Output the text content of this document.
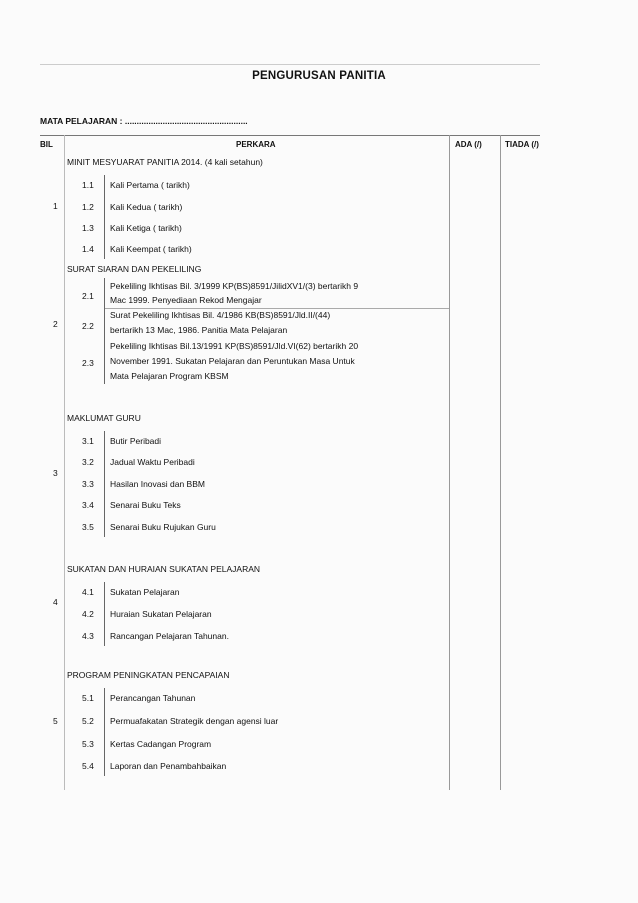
PENGURUSAN PANITIA
MATA PELAJARAN : ....................................................
BIL	PERKARA	ADA (/)	TIADA (/)
MINIT MESYUARAT PANITIA 2014. (4 kali setahun)
1
1.1 Kali Pertama ( tarikh)
1.2 Kali Kedua ( tarikh)
1.3 Kali Ketiga ( tarikh)
1.4 Kali Keempat ( tarikh)
SURAT SIARAN DAN PEKELILING
2
2.1
Pekeliling Ikhtisas Bil. 3/1999 KP(BS)8591/JilidXV1/(3) bertarikh 9
Mac 1999. Penyediaan Rekod Mengajar
2.2
Surat Pekeliling Ikhtisas Bil. 4/1986 KB(BS)8591/Jld.II/(44)
bertarikh 13 Mac, 1986. Panitia Mata Pelajaran
2.3
Pekeliling Ikhtisas Bil.13/1991 KP(BS)8591/Jld.VI(62) bertarikh 20
November 1991. Sukatan Pelajaran dan Peruntukan Masa Untuk
Mata Pelajaran Program KBSM
MAKLUMAT GURU
3
3.1 Butir Peribadi
3.2 Jadual Waktu Peribadi
3.3 Hasilan Inovasi dan BBM
3.4 Senarai Buku Teks
3.5 Senarai Buku Rujukan Guru
SUKATAN DAN HURAIAN SUKATAN PELAJARAN
4
4.1 Sukatan Pelajaran
4.2 Huraian Sukatan Pelajaran
4.3 Rancangan Pelajaran Tahunan.
PROGRAM PENINGKATAN PENCAPAIAN
5
5.1 Perancangan Tahunan
5.2 Permuafakatan Strategik dengan agensi luar
5.3 Kertas Cadangan Program
5.4 Laporan dan Penambahbaikan
